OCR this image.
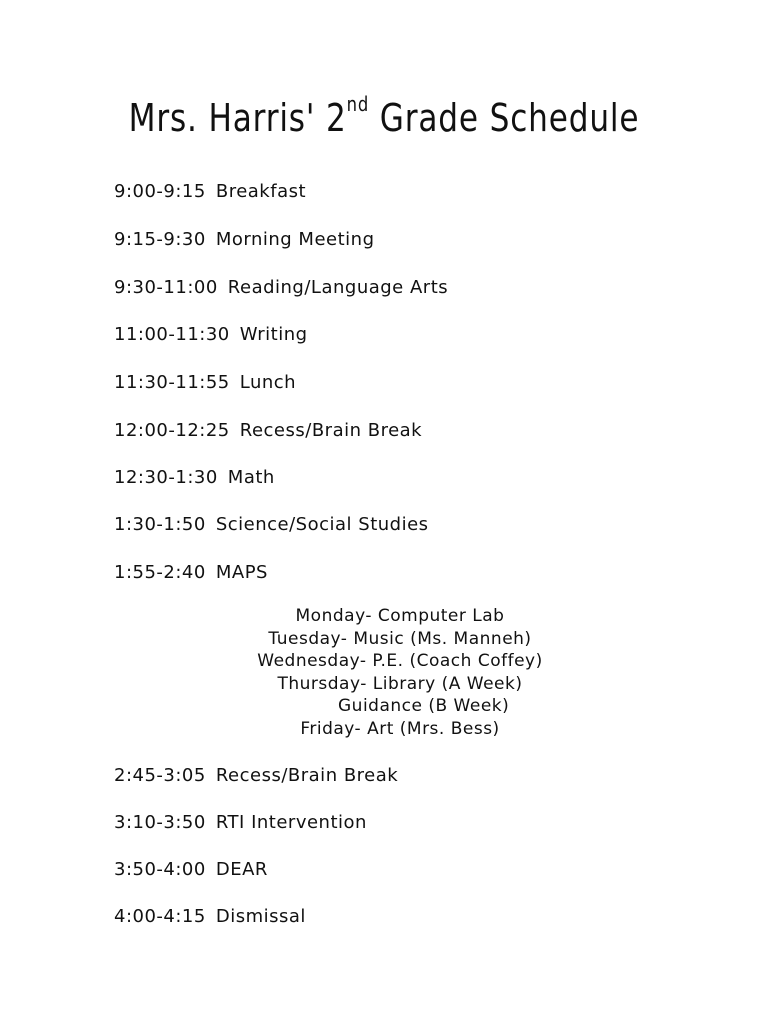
Mrs. Harris' 2nd Grade Schedule
9:00-9:15 Breakfast
9:15-9:30 Morning Meeting
9:30-11:00 Reading/Language Arts
11:00-11:30 Writing
11:30-11:55 Lunch
12:00-12:25 Recess/Brain Break
12:30-1:30 Math
1:30-1:50 Science/Social Studies
1:55-2:40 MAPS
Monday- Computer Lab
Tuesday- Music (Ms. Manneh)
Wednesday- P.E. (Coach Coffey)
Thursday- Library (A Week)
Guidance (B Week)
Friday- Art (Mrs. Bess)
2:45-3:05 Recess/Brain Break
3:10-3:50 RTI Intervention
3:50-4:00 DEAR
4:00-4:15 Dismissal
